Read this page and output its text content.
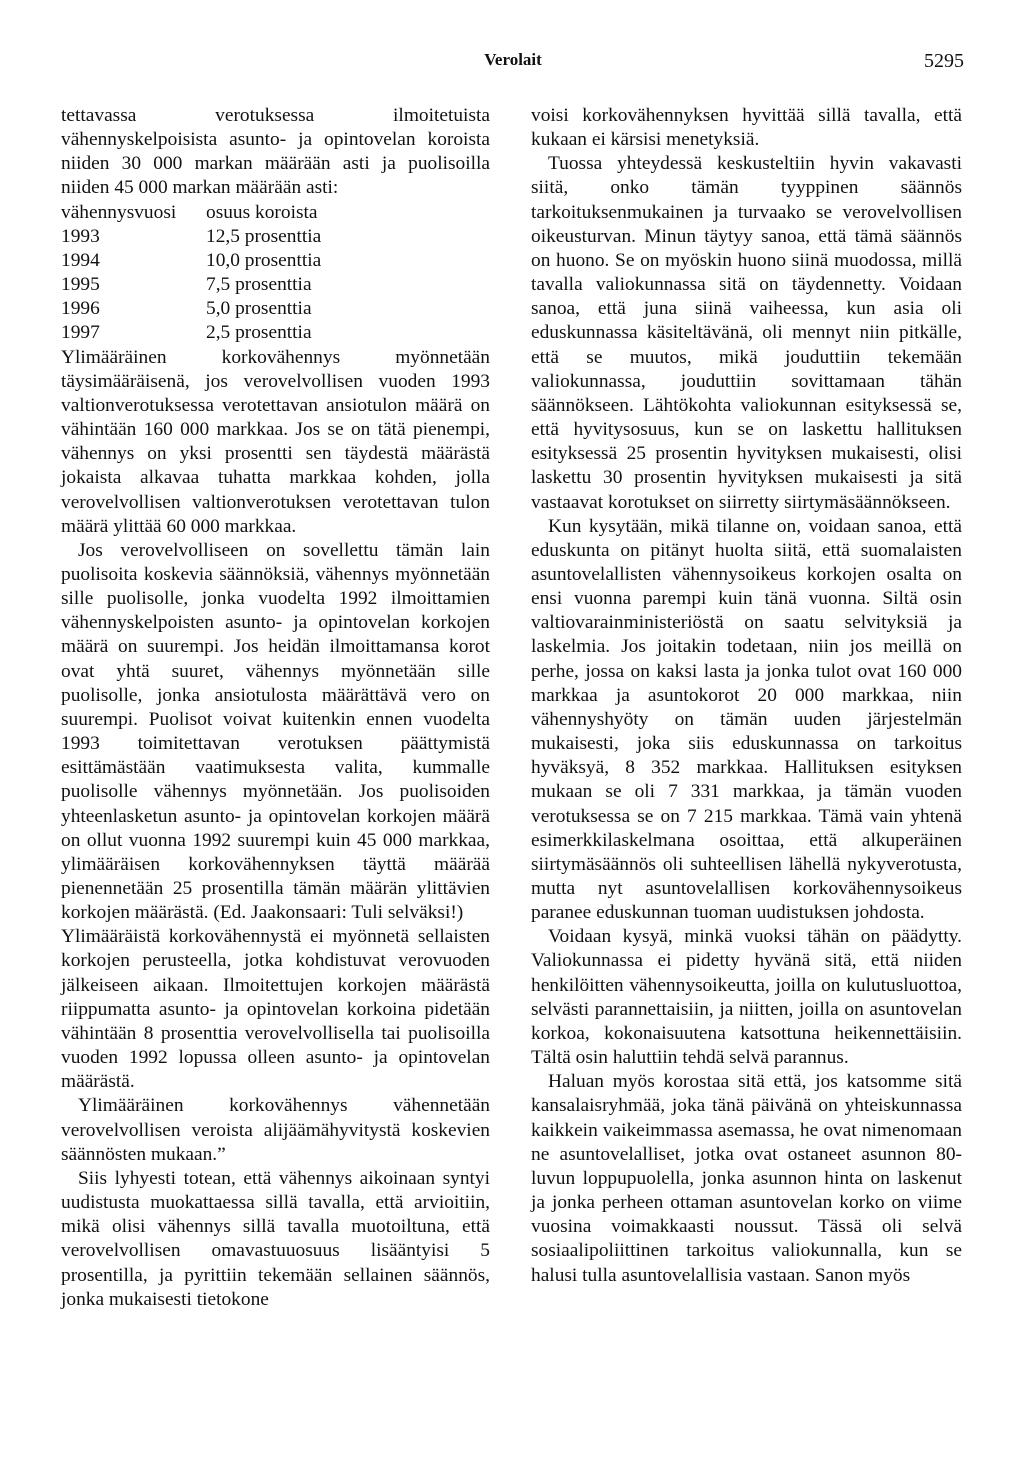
Verolait	5295

tettavassa verotuksessa ilmoitetuista vähennyskelpoisista asunto- ja opintovelan koroista niiden 30 000 markan määrään asti ja puolisoilla niiden 45 000 markan määrään asti:

vähennysvuosi	osuus koroista
1993	12,5 prosenttia
1994	10,0 prosenttia
1995	7,5 prosenttia
1996	5,0 prosenttia
1997	2,5 prosenttia

Ylimääräinen korkovähennys myönnetään täysimääräisenä, jos verovelvollisen vuoden 1993 valtionverotuksessa verotettavan ansiotulon määrä on vähintään 160 000 markkaa. Jos se on tätä pienempi, vähennys on yksi prosentti sen täydestä määrästä jokaista alkavaa tuhatta markkaa kohden, jolla verovelvollisen valtionverotuksen verotettavan tulon määrä ylittää 60 000 markkaa.

Jos verovelvolliseen on sovellettu tämän lain puolisoita koskevia säännöksiä, vähennys myönnetään sille puolisolle, jonka vuodelta 1992 ilmoittamien vähennyskelpoisten asunto- ja opintovelan korkojen määrä on suurempi. Jos heidän ilmoittamansa korot ovat yhtä suuret, vähennys myönnetään sille puolisolle, jonka ansiotulosta määrättävä vero on suurempi. Puolisot voivat kuitenkin ennen vuodelta 1993 toimitettavan verotuksen päättymistä esittämästään vaatimuksesta valita, kummalle puolisolle vähennys myönnetään. Jos puolisoiden yhteenlasketun asunto- ja opintovelan korkojen määrä on ollut vuonna 1992 suurempi kuin 45 000 markkaa, ylimääräisen korkovähennyksen täyttä määrää pienennetään 25 prosentilla tämän määrän ylittävien korkojen määrästä. (Ed. Jaakonsaari: Tuli selväksi!)

Ylimääräistä korkovähennystä ei myönnetä sellaisten korkojen perusteella, jotka kohdistuvat verovuoden jälkeiseen aikaan. Ilmoitettujen korkojen määrästä riippumatta asunto- ja opintovelan korkoina pidetään vähintään 8 prosenttia verovelvollisella tai puolisoilla vuoden 1992 lopussa olleen asunto- ja opintovelan määrästä.

Ylimääräinen korkovähennys vähennetään verovelvollisen veroista alijäämähyvitystä koskevien säännösten mukaan.”

Siis lyhyesti totean, että vähennys aikoinaan syntyi uudistusta muokattaessa sillä tavalla, että arvioitiin, mikä olisi vähennys sillä tavalla muotoiltuna, että verovelvollisen omavastuuosuus lisääntyisi 5 prosentilla, ja pyrittiin tekemään sellainen säännös, jonka mukaisesti tietokone

voisi korkovähennyksen hyvittää sillä tavalla, että kukaan ei kärsisi menetyksiä.

Tuossa yhteydessä keskusteltiin hyvin vakavasti siitä, onko tämän tyyppinen säännös tarkoituksenmukainen ja turvaako se verovelvollisen oikeusturvan. Minun täytyy sanoa, että tämä säännös on huono. Se on myöskin huono siinä muodossa, millä tavalla valiokunnassa sitä on täydennetty. Voidaan sanoa, että juna siinä vaiheessa, kun asia oli eduskunnassa käsiteltävänä, oli mennyt niin pitkälle, että se muutos, mikä jouduttiin tekemään valiokunnassa, jouduttiin sovittamaan tähän säännökseen. Lähtökohta valiokunnan esityksessä se, että hyvitysosuus, kun se on laskettu hallituksen esityksessä 25 prosentin hyvityksen mukaisesti, olisi laskettu 30 prosentin hyvityksen mukaisesti ja sitä vastaavat korotukset on siirretty siirtymäsäännökseen.

Kun kysytään, mikä tilanne on, voidaan sanoa, että eduskunta on pitänyt huolta siitä, että suomalaisten asuntovelallisten vähennysoikeus korkojen osalta on ensi vuonna parempi kuin tänä vuonna. Siltä osin valtiovarainministeriöstä on saatu selvityksiä ja laskelmia. Jos joitakin todetaan, niin jos meillä on perhe, jossa on kaksi lasta ja jonka tulot ovat 160 000 markkaa ja asuntokorot 20 000 markkaa, niin vähennyshyöty on tämän uuden järjestelmän mukaisesti, joka siis eduskunnassa on tarkoitus hyväksyä, 8 352 markkaa. Hallituksen esityksen mukaan se oli 7 331 markkaa, ja tämän vuoden verotuksessa se on 7 215 markkaa. Tämä vain yhtenä esimerkkilaskelmana osoittaa, että alkuperäinen siirtymäsäännös oli suhteellisen lähellä nykyverotusta, mutta nyt asuntovelallisen korkovähennysoikeus paranee eduskunnan tuoman uudistuksen johdosta.

Voidaan kysyä, minkä vuoksi tähän on päädytty. Valiokunnassa ei pidetty hyvänä sitä, että niiden henkilöitten vähennysoikeutta, joilla on kulutusluottoa, selvästi parannettaisiin, ja niitten, joilla on asuntovelan korkoa, kokonaisuutena katsottuna heikennettäisiin. Tältä osin haluttiin tehdä selvä parannus.

Haluan myös korostaa sitä että, jos katsomme sitä kansalaisryhmää, joka tänä päivänä on yhteiskunnassa kaikkein vaikeimmassa asemassa, he ovat nimenomaan ne asuntovelalliset, jotka ovat ostaneet asunnon 80-luvun loppupuolella, jonka asunnon hinta on laskenut ja jonka perheen ottaman asuntovelan korko on viime vuosina voimakkaasti noussut. Tässä oli selvä sosiaalipoliittinen tarkoitus valiokunnalla, kun se halusi tulla asuntovelallisia vastaan. Sanon myös
